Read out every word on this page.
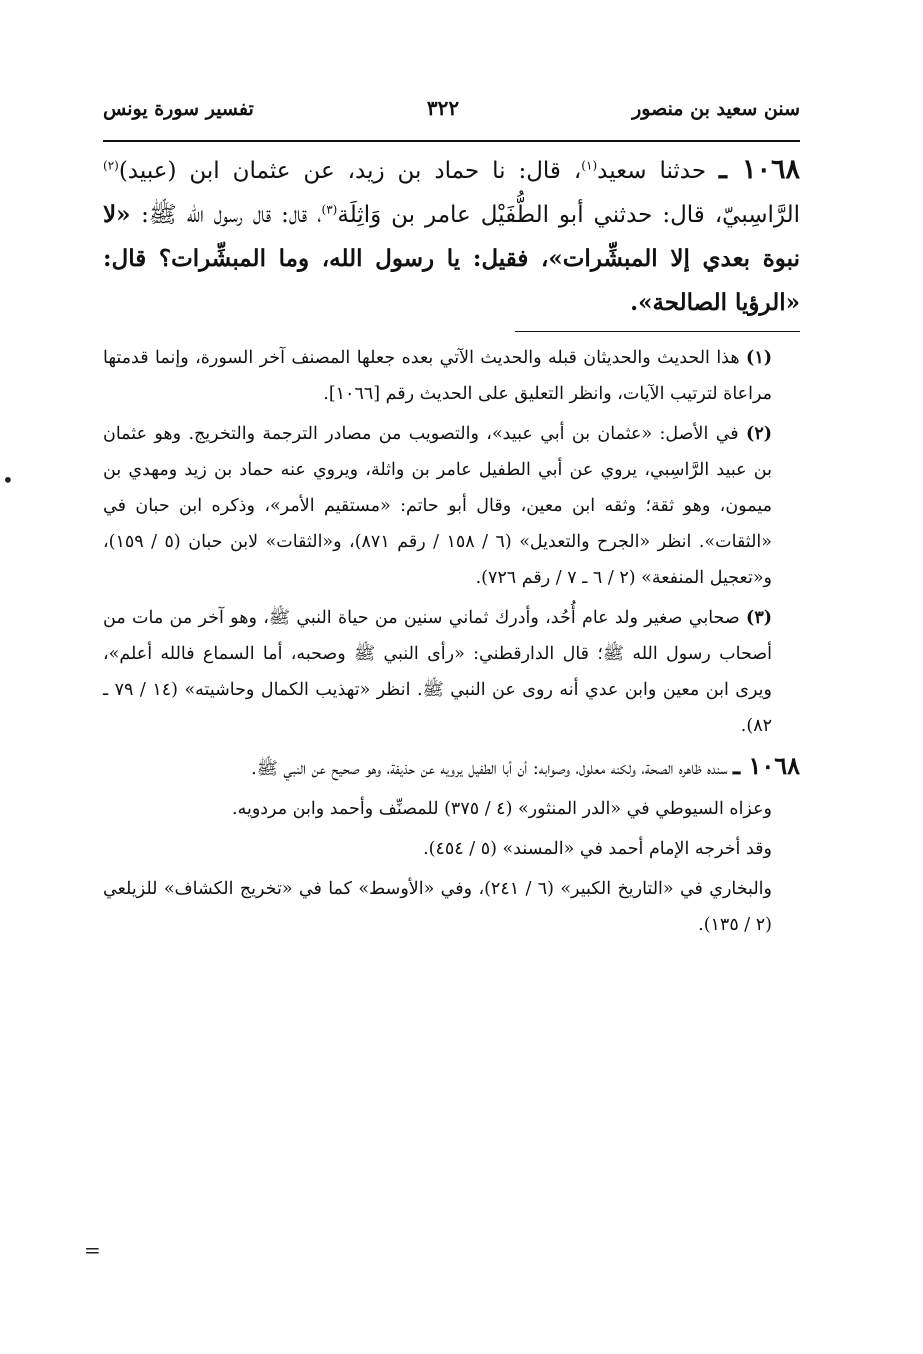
سنن سعيد بن منصور
٣٢٢
تفسير سورة يونس

١٠٦٨ ـ حدثنا سعيد$^{(١)}$، قال: نا حماد بن زيد، عن عثمان ابن (عبيد)$^{(٢)}$ الرَّاسِبيّ، قال: حدثني أبو الطُّفَيْل عامر بن وَاثِلَة$^{(٣)}$، قال: قال رسول الله ﷺ: «لا نبوة بعدي إلا المبشِّرات»، فقيل: يا رسول الله، وما المبشِّرات؟ قال: «الرؤيا الصالحة».

(١) هذا الحديث والحديثان قبله والحديث الآتي بعده جعلها المصنف آخر السورة، وإنما قدمتها مراعاة لترتيب الآيات، وانظر التعليق على الحديث رقم [١٠٦٦].

(٢) في الأصل: «عثمان بن أبي عبيد»، والتصويب من مصادر الترجمة والتخريج. وهو عثمان بن عبيد الرَّاسِبي، يروي عن أبي الطفيل عامر بن واثلة، ويروي عنه حماد بن زيد ومهدي بن ميمون، وهو ثقة؛ وثقه ابن معين، وقال أبو حاتم: «مستقيم الأمر»، وذكره ابن حبان في «الثقات». انظر «الجرح والتعديل» (٦ / ١٥٨ / رقم ٨٧١)، و«الثقات» لابن حبان (٥ / ١٥٩)، و«تعجيل المنفعة» (٢ / ٦ ـ ٧ / رقم ٧٢٦).

(٣) صحابي صغير ولد عام أُحُد، وأدرك ثماني سنين من حياة النبي ﷺ، وهو آخر من مات من أصحاب رسول الله ﷺ؛ قال الدارقطني: «رأى النبي ﷺ وصحبه، أما السماع فالله أعلم»، ويرى ابن معين وابن عدي أنه روى عن النبي ﷺ. انظر «تهذيب الكمال وحاشيته» (١٤ / ٧٩ ـ ٨٢).

١٠٦٨ ـ سنده ظاهره الصحة، ولكنه معلول، وصوابه: أن أبا الطفيل يرويه عن حذيفة، وهو صحيح عن النبي ﷺ.

وعزاه السيوطي في «الدر المنثور» (٤ / ٣٧٥) للمصنِّف وأحمد وابن مردويه.

وقد أخرجه الإمام أحمد في «المسند» (٥ / ٤٥٤).

والبخاري في «التاريخ الكبير» (٦ / ٢٤١)، وفي «الأوسط» كما في «تخريج الكشاف» للزيلعي (٢ / ١٣٥).

•
=
